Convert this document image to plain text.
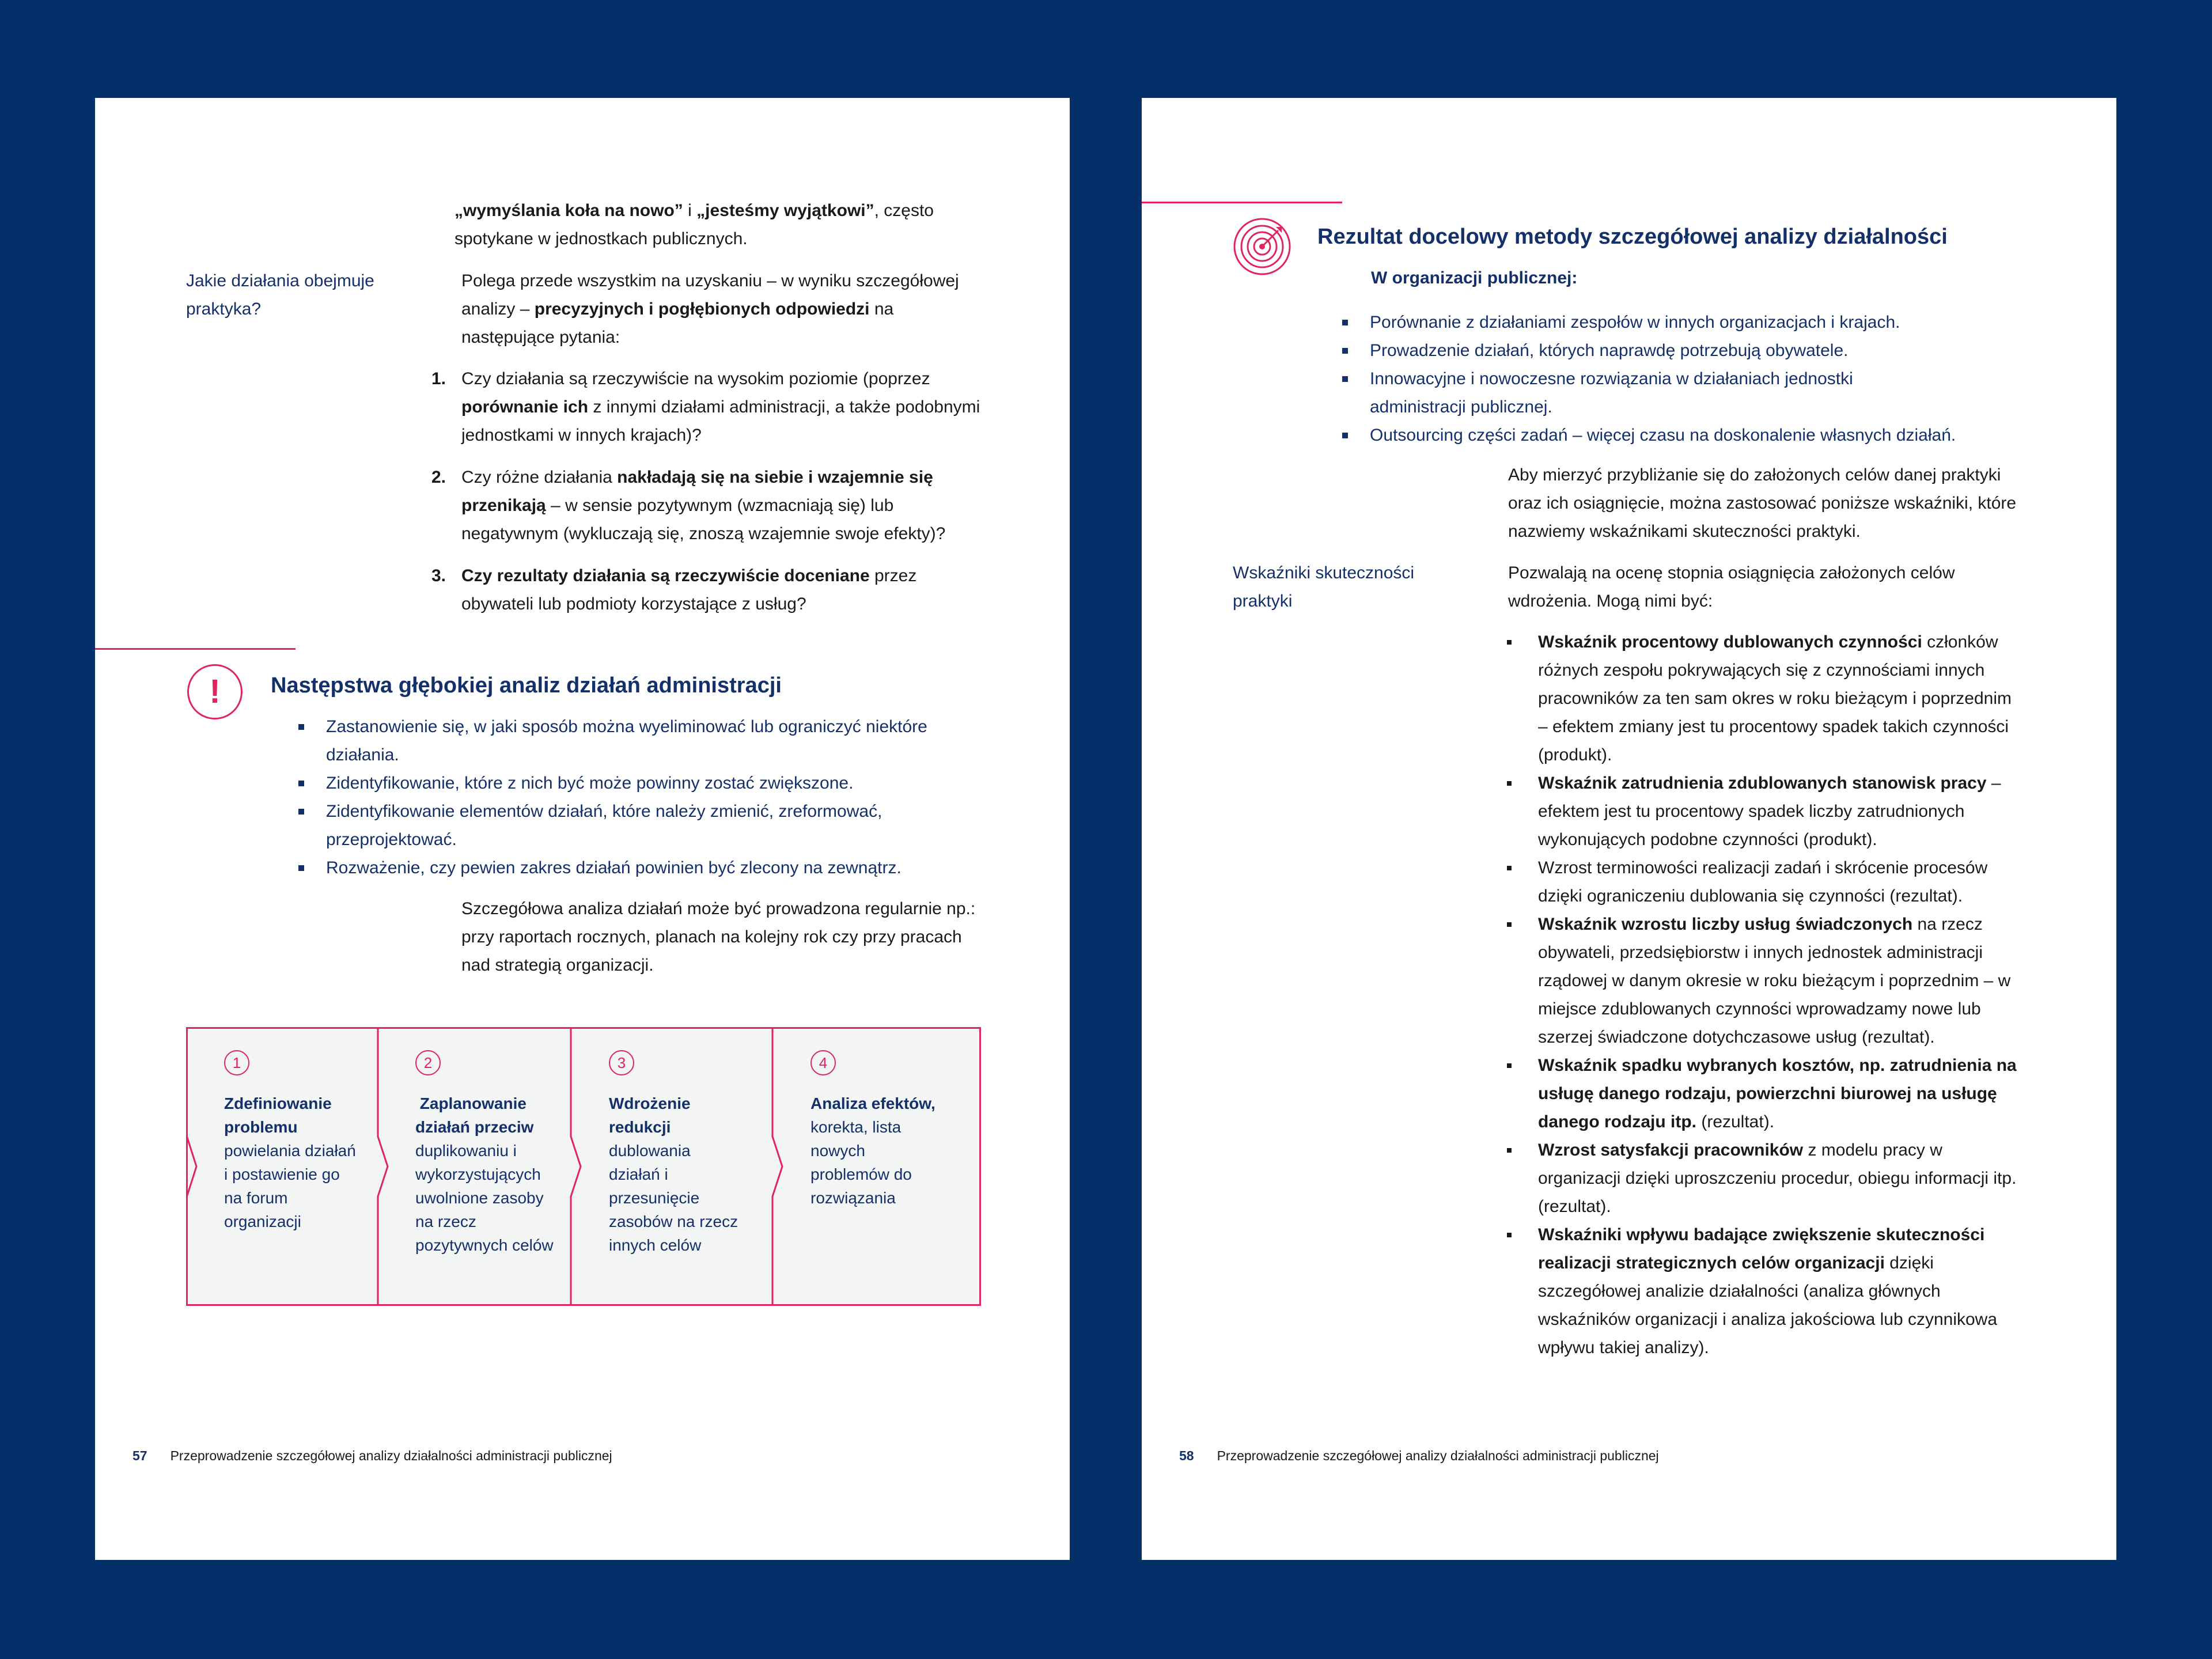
„wymyślania koła na nowo” i „jesteśmy wyjątkowi”, często spotykane w jednostkach publicznych.

Jakie działania obejmuje praktyka?

Polega przede wszystkim na uzyskaniu – w wyniku szczegółowej analizy – precyzyjnych i pogłębionych odpowiedzi na następujące pytania:

1. Czy działania są rzeczywiście na wysokim poziomie (poprzez porównanie ich z innymi działami administracji, a także podobnymi jednostkami w innych krajach)?
2. Czy różne działania nakładają się na siebie i wzajemnie się przenikają – w sensie pozytywnym (wzmacniają się) lub negatywnym (wykluczają się, znoszą wzajemnie swoje efekty)?
3. Czy rezultaty działania są rzeczywiście doceniane przez obywateli lub podmioty korzystające z usług?
!	Następstwa głębokiej analiz działań administracji
Zastanowienie się, w jaki sposób można wyeliminować lub ograniczyć niektóre działania.
Zidentyfikowanie, które z nich być może powinny zostać zwiększone.
Zidentyfikowanie elementów działań, które należy zmienić, zreformować, przeprojektować.
Rozważenie, czy pewien zakres działań powinien być zlecony na zewnątrz.

Szczegółowa analiza działań może być prowadzona regularnie np.: przy raportach rocznych, planach na kolejny rok czy przy pracach nad strategią organizacji.

1
Zdefiniowanie problemu
powielania działań i postawienie go na forum organizacji
2
Zaplanowanie działań przeciw
duplikowaniu i wykorzystujących uwolnione zasoby na rzecz pozytywnych celów
3
Wdrożenie redukcji
dublowania działań i przesunięcie zasobów na rzecz innych celów
4
Analiza efektów,
korekta, lista nowych problemów do rozwiązania
57 Przeprowadzenie szczegółowej analizy działalności administracji publicznej
Rezultat docelowy metody szczegółowej analizy działalności
W organizacji publicznej:
Porównanie z działaniami zespołów w innych organizacjach i krajach.
Prowadzenie działań, których naprawdę potrzebują obywatele.
Innowacyjne i nowoczesne rozwiązania w działaniach jednostki administracji publicznej.
Outsourcing części zadań – więcej czasu na doskonalenie własnych działań.

Aby mierzyć przybliżanie się do założonych celów danej praktyki oraz ich osiągnięcie, można zastosować poniższe wskaźniki, które nazwiemy wskaźnikami skuteczności praktyki.

Wskaźniki skuteczności praktyki

Pozwalają na ocenę stopnia osiągnięcia założonych celów wdrożenia. Mogą nimi być:

Wskaźnik procentowy dublowanych czynności członków różnych zespołu pokrywających się z czynnościami innych pracowników za ten sam okres w roku bieżącym i poprzednim – efektem zmiany jest tu procentowy spadek takich czynności (produkt).
Wskaźnik zatrudnienia zdublowanych stanowisk pracy – efektem jest tu procentowy spadek liczby zatrudnionych wykonujących podobne czynności (produkt).
Wzrost terminowości realizacji zadań i skrócenie procesów dzięki ograniczeniu dublowania się czynności (rezultat).
Wskaźnik wzrostu liczby usług świadczonych na rzecz obywateli, przedsiębiorstw i innych jednostek administracji rządowej w danym okresie w roku bieżącym i poprzednim – w miejsce zdublowanych czynności wprowadzamy nowe lub szerzej świadczone dotychczasowe usług (rezultat).
Wskaźnik spadku wybranych kosztów, np. zatrudnienia na usługę danego rodzaju, powierzchni biurowej na usługę danego rodzaju itp. (rezultat).
Wzrost satysfakcji pracowników z modelu pracy w organizacji dzięki uproszczeniu procedur, obiegu informacji itp. (rezultat).
Wskaźniki wpływu badające zwiększenie skuteczności realizacji strategicznych celów organizacji dzięki szczegółowej analizie działalności (analiza głównych wskaźników organizacji i analiza jakościowa lub czynnikowa wpływu takiej analizy).
58 Przeprowadzenie szczegółowej analizy działalności administracji publicznej
